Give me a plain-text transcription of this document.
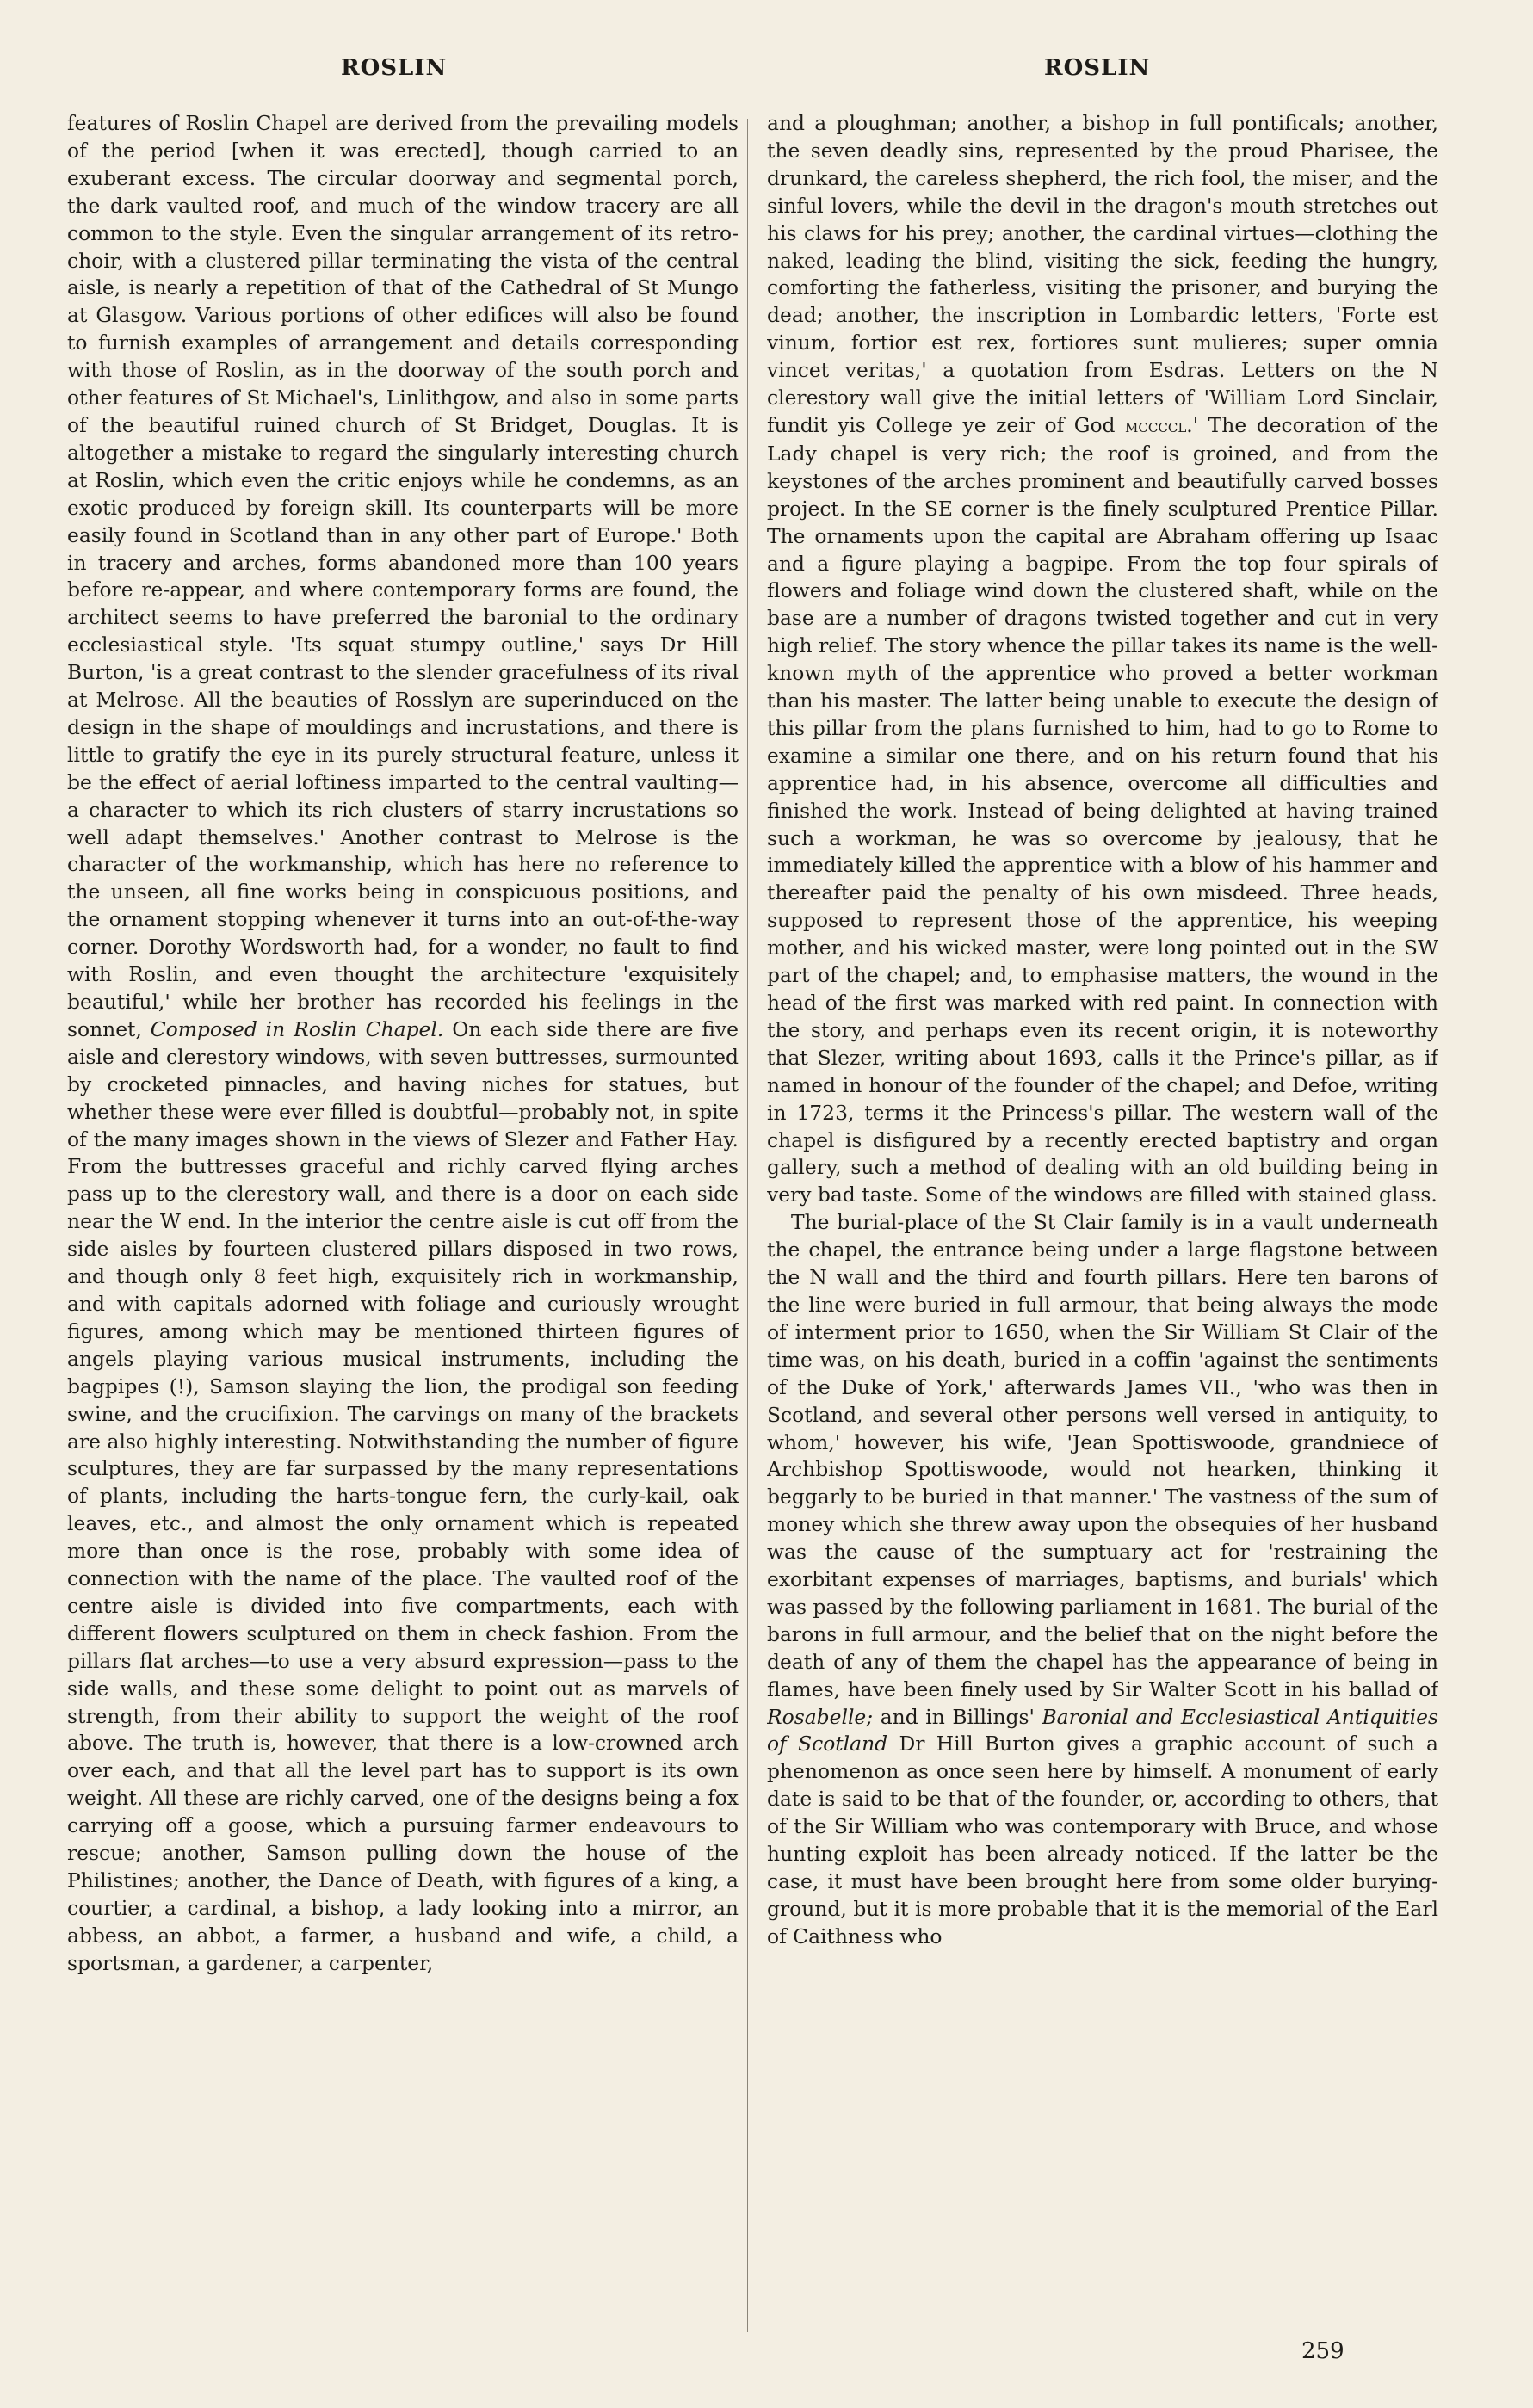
ROSLIN	ROSLIN

features of Roslin Chapel are derived from the prevailing models of the period [when it was erected], though carried to an exuberant excess. The circular doorway and segmental porch, the dark vaulted roof, and much of the window tracery are all common to the style. Even the singular arrangement of its retro-choir, with a clustered pillar terminating the vista of the central aisle, is nearly a repetition of that of the Cathedral of St Mungo at Glasgow. Various portions of other edifices will also be found to furnish examples of arrangement and details corresponding with those of Roslin, as in the doorway of the south porch and other features of St Michael's, Linlithgow, and also in some parts of the beautiful ruined church of St Bridget, Douglas. It is altogether a mistake to regard the singularly interesting church at Roslin, which even the critic enjoys while he condemns, as an exotic produced by foreign skill. Its counterparts will be more easily found in Scotland than in any other part of Europe.' Both in tracery and arches, forms abandoned more than 100 years before re-appear, and where contemporary forms are found, the architect seems to have preferred the baronial to the ordinary ecclesiastical style. 'Its squat stumpy outline,' says Dr Hill Burton, 'is a great contrast to the slender gracefulness of its rival at Melrose. All the beauties of Rosslyn are superinduced on the design in the shape of mouldings and incrustations, and there is little to gratify the eye in its purely structural feature, unless it be the effect of aerial loftiness imparted to the central vaulting—a character to which its rich clusters of starry incrustations so well adapt themselves.' Another contrast to Melrose is the character of the workmanship, which has here no reference to the unseen, all fine works being in conspicuous positions, and the ornament stopping whenever it turns into an out-of-the-way corner. Dorothy Wordsworth had, for a wonder, no fault to find with Roslin, and even thought the architecture 'exquisitely beautiful,' while her brother has recorded his feelings in the sonnet, Composed in Roslin Chapel. On each side there are five aisle and clerestory windows, with seven buttresses, surmounted by crocketed pinnacles, and having niches for statues, but whether these were ever filled is doubtful—probably not, in spite of the many images shown in the views of Slezer and Father Hay. From the buttresses graceful and richly carved flying arches pass up to the clerestory wall, and there is a door on each side near the W end. In the interior the centre aisle is cut off from the side aisles by fourteen clustered pillars disposed in two rows, and though only 8 feet high, exquisitely rich in workmanship, and with capitals adorned with foliage and curiously wrought figures, among which may be mentioned thirteen figures of angels playing various musical instruments, including the bagpipes (!), Samson slaying the lion, the prodigal son feeding swine, and the crucifixion. The carvings on many of the brackets are also highly interesting. Notwithstanding the number of figure sculptures, they are far surpassed by the many representations of plants, including the harts-tongue fern, the curly-kail, oak leaves, etc., and almost the only ornament which is repeated more than once is the rose, probably with some idea of connection with the name of the place. The vaulted roof of the centre aisle is divided into five compartments, each with different flowers sculptured on them in check fashion. From the pillars flat arches—to use a very absurd expression—pass to the side walls, and these some delight to point out as marvels of strength, from their ability to support the weight of the roof above. The truth is, however, that there is a low-crowned arch over each, and that all the level part has to support is its own weight. All these are richly carved, one of the designs being a fox carrying off a goose, which a pursuing farmer endeavours to rescue; another, Samson pulling down the house of the Philistines; another, the Dance of Death, with figures of a king, a courtier, a cardinal, a bishop, a lady looking into a mirror, an abbess, an abbot, a farmer, a husband and wife, a child, a sportsman, a gardener, a carpenter,

and a ploughman; another, a bishop in full pontificals; another, the seven deadly sins, represented by the proud Pharisee, the drunkard, the careless shepherd, the rich fool, the miser, and the sinful lovers, while the devil in the dragon's mouth stretches out his claws for his prey; another, the cardinal virtues—clothing the naked, leading the blind, visiting the sick, feeding the hungry, comforting the fatherless, visiting the prisoner, and burying the dead; another, the inscription in Lombardic letters, 'Forte est vinum, fortior est rex, fortiores sunt mulieres; super omnia vincet veritas,' a quotation from Esdras. Letters on the N clerestory wall give the initial letters of 'William Lord Sinclair, fundit yis College ye zeir of God mccccl.' The decoration of the Lady chapel is very rich; the roof is groined, and from the keystones of the arches prominent and beautifully carved bosses project. In the SE corner is the finely sculptured Prentice Pillar. The ornaments upon the capital are Abraham offering up Isaac and a figure playing a bagpipe. From the top four spirals of flowers and foliage wind down the clustered shaft, while on the base are a number of dragons twisted together and cut in very high relief. The story whence the pillar takes its name is the well-known myth of the apprentice who proved a better workman than his master. The latter being unable to execute the design of this pillar from the plans furnished to him, had to go to Rome to examine a similar one there, and on his return found that his apprentice had, in his absence, overcome all difficulties and finished the work. Instead of being delighted at having trained such a workman, he was so overcome by jealousy, that he immediately killed the apprentice with a blow of his hammer and thereafter paid the penalty of his own misdeed. Three heads, supposed to represent those of the apprentice, his weeping mother, and his wicked master, were long pointed out in the SW part of the chapel; and, to emphasise matters, the wound in the head of the first was marked with red paint. In connection with the story, and perhaps even its recent origin, it is noteworthy that Slezer, writing about 1693, calls it the Prince's pillar, as if named in honour of the founder of the chapel; and Defoe, writing in 1723, terms it the Princess's pillar. The western wall of the chapel is disfigured by a recently erected baptistry and organ gallery, such a method of dealing with an old building being in very bad taste. Some of the windows are filled with stained glass.

The burial-place of the St Clair family is in a vault underneath the chapel, the entrance being under a large flagstone between the N wall and the third and fourth pillars. Here ten barons of the line were buried in full armour, that being always the mode of interment prior to 1650, when the Sir William St Clair of the time was, on his death, buried in a coffin 'against the sentiments of the Duke of York,' afterwards James VII., 'who was then in Scotland, and several other persons well versed in antiquity, to whom,' however, his wife, 'Jean Spottiswoode, grandniece of Archbishop Spottiswoode, would not hearken, thinking it beggarly to be buried in that manner.' The vastness of the sum of money which she threw away upon the obsequies of her husband was the cause of the sumptuary act for 'restraining the exorbitant expenses of marriages, baptisms, and burials' which was passed by the following parliament in 1681. The burial of the barons in full armour, and the belief that on the night before the death of any of them the chapel has the appearance of being in flames, have been finely used by Sir Walter Scott in his ballad of Rosabelle; and in Billings' Baronial and Ecclesiastical Antiquities of Scotland Dr Hill Burton gives a graphic account of such a phenomenon as once seen here by himself. A monument of early date is said to be that of the founder, or, according to others, that of the Sir William who was contemporary with Bruce, and whose hunting exploit has been already noticed. If the latter be the case, it must have been brought here from some older burying-ground, but it is more probable that it is the memorial of the Earl of Caithness who

259
